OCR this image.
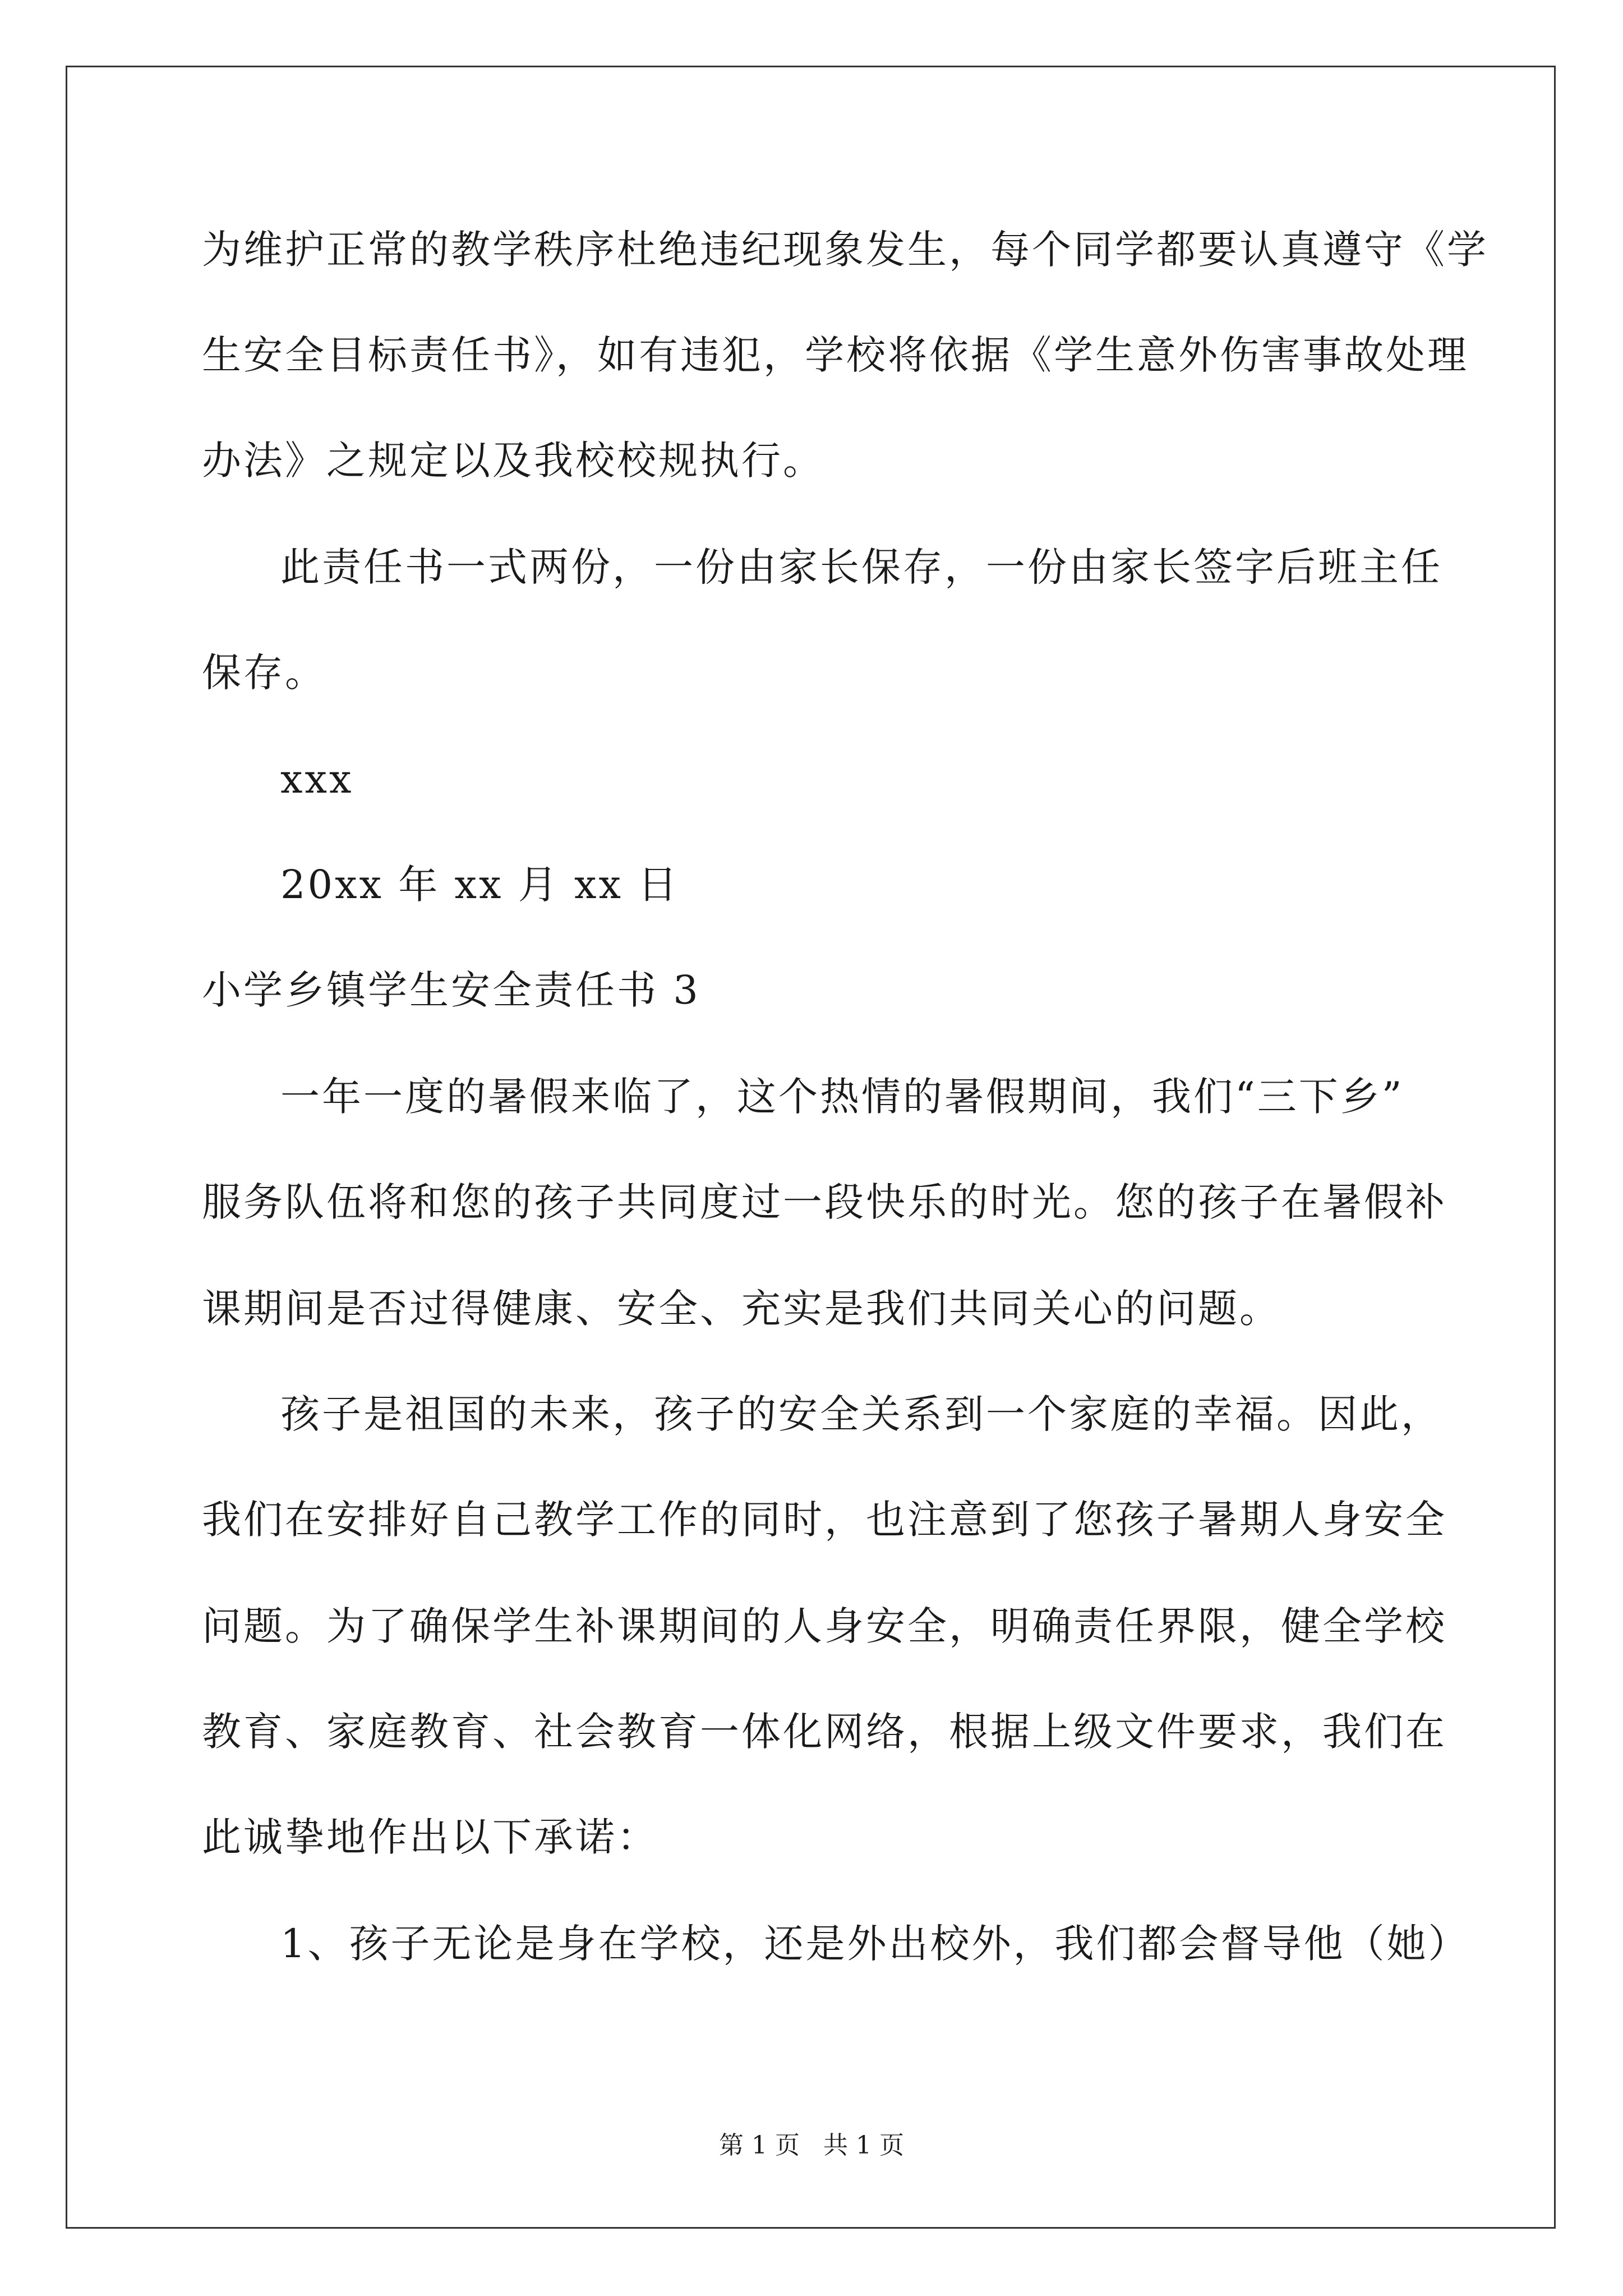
为维护正常的教学秩序杜绝违纪现象发生，每个同学都要认真遵守《学
生安全目标责任书》，如有违犯，学校将依据《学生意外伤害事故处理
办法》之规定以及我校校规执行。
此责任书一式两份，一份由家长保存，一份由家长签字后班主任
保存。
xxx
20xx 年 xx 月 xx 日
小学乡镇学生安全责任书 3
一年一度的暑假来临了，这个热情的暑假期间，我们“三下乡”
服务队伍将和您的孩子共同度过一段快乐的时光。您的孩子在暑假补
课期间是否过得健康、安全、充实是我们共同关心的问题。
孩子是祖国的未来，孩子的安全关系到一个家庭的幸福。因此，
我们在安排好自己教学工作的同时，也注意到了您孩子暑期人身安全
问题。为了确保学生补课期间的人身安全，明确责任界限，健全学校
教育、家庭教育、社会教育一体化网络，根据上级文件要求，我们在
此诚挚地作出以下承诺：
1、孩子无论是身在学校，还是外出校外，我们都会督导他（她）
第 1 页 共 1 页
